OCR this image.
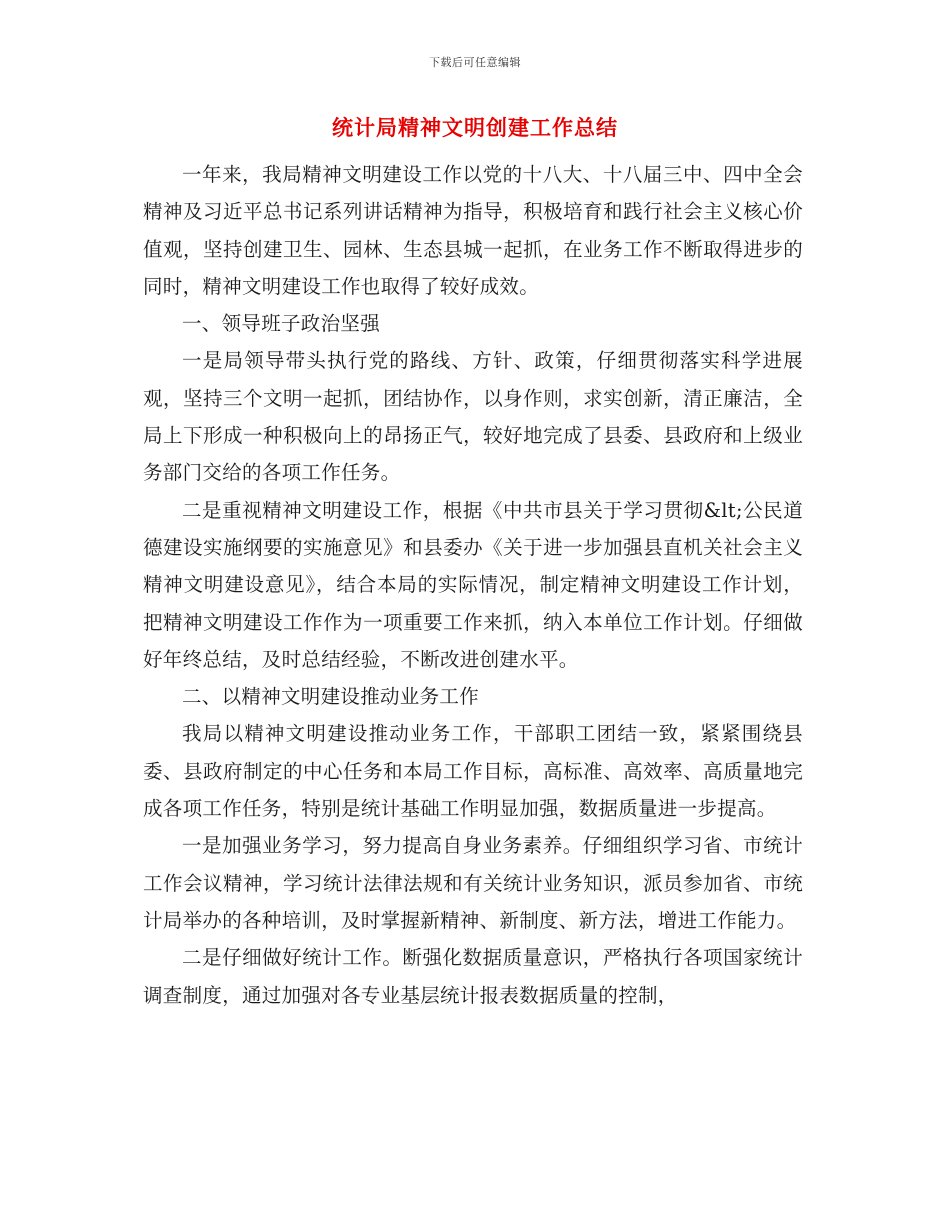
下载后可任意编辑
统计局精神文明创建工作总结

一年来，我局精神文明建设工作以党的十八大、十八届三中、四中全会精神及习近平总书记系列讲话精神为指导，积极培育和践行社会主义核心价值观，坚持创建卫生、园林、生态县城一起抓，在业务工作不断取得进步的同时，精神文明建设工作也取得了较好成效。

一、领导班子政治坚强

一是局领导带头执行党的路线、方针、政策，仔细贯彻落实科学进展观，坚持三个文明一起抓，团结协作，以身作则，求实创新，清正廉洁，全局上下形成一种积极向上的昂扬正气，较好地完成了县委、县政府和上级业务部门交给的各项工作任务。

二是重视精神文明建设工作，根据《中共市县关于学习贯彻&lt;公民道德建设实施纲要的实施意见》和县委办《关于进一步加强县直机关社会主义精神文明建设意见》，结合本局的实际情况，制定精神文明建设工作计划，把精神文明建设工作作为一项重要工作来抓，纳入本单位工作计划。仔细做好年终总结，及时总结经验，不断改进创建水平。

二、以精神文明建设推动业务工作

我局以精神文明建设推动业务工作，干部职工团结一致，紧紧围绕县委、县政府制定的中心任务和本局工作目标，高标准、高效率、高质量地完成各项工作任务，特别是统计基础工作明显加强，数据质量进一步提高。

一是加强业务学习，努力提高自身业务素养。仔细组织学习省、市统计工作会议精神，学习统计法律法规和有关统计业务知识，派员参加省、市统计局举办的各种培训，及时掌握新精神、新制度、新方法，增进工作能力。

二是仔细做好统计工作。断强化数据质量意识，严格执行各项国家统计调查制度，通过加强对各专业基层统计报表数据质量的控制，
